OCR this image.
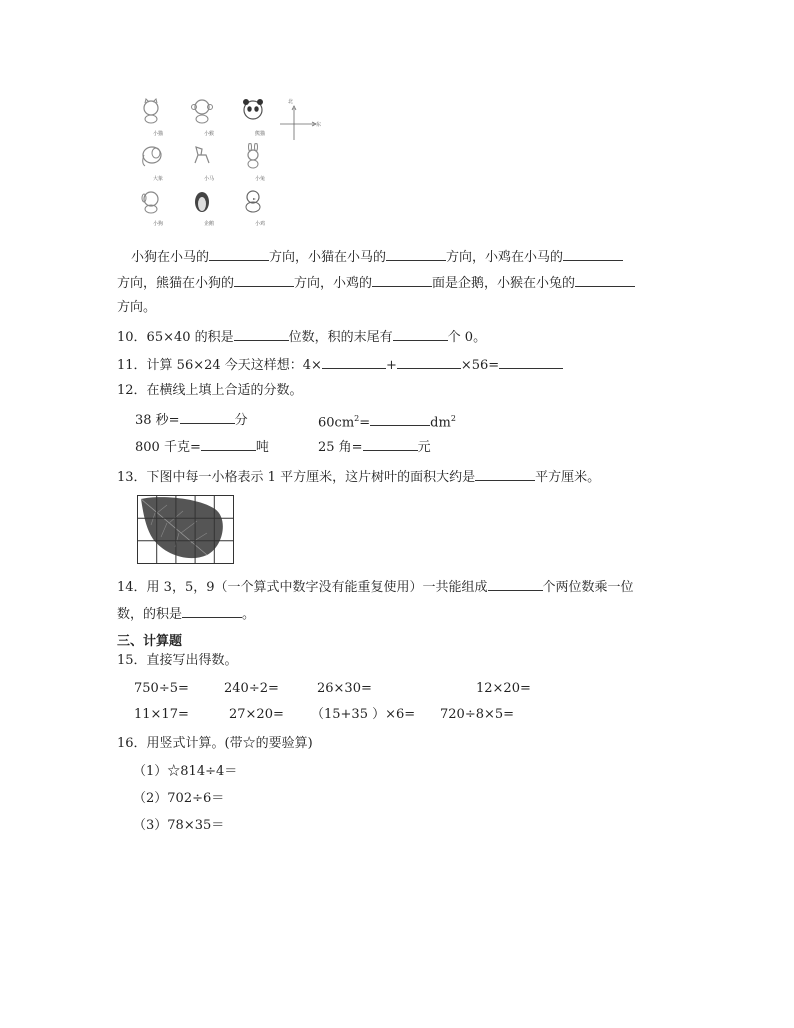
小猫	小猴	熊猫
大象	小马	小兔
小狗	企鹅	小鸡
北
东
小狗在小马的	方向，小猫在小马的	方向，小鸡在小马的
方向，熊猫在小狗的	方向，小鸡的	面是企鹅，小猴在小兔的
方向。
10．65×40 的积是	位数，积的末尾有	个 0。
11．计算 56×24 今天这样想：4×	+	×56=
12．在横线上填上合适的分数。
38 秒=	分	$60cm^2=$	$dm^2$
800 千克=	吨	25 角=	元
13．下图中每一小格表示 1 平方厘米，这片树叶的面积大约是	平方厘米。
14．用 3，5，9（一个算式中数字没有能重复使用）一共能组成	个两位数乘一位
数，的积是	。
三、计算题
15．直接写出得数。
750÷5=	240÷2=	26×30=	12×20=
11×17=	27×20= （15+35 ）×6= 720÷8×5=
16．用竖式计算。(带☆的要验算)
（1）☆814÷4＝
（2）702÷6＝
（3）78×35＝
